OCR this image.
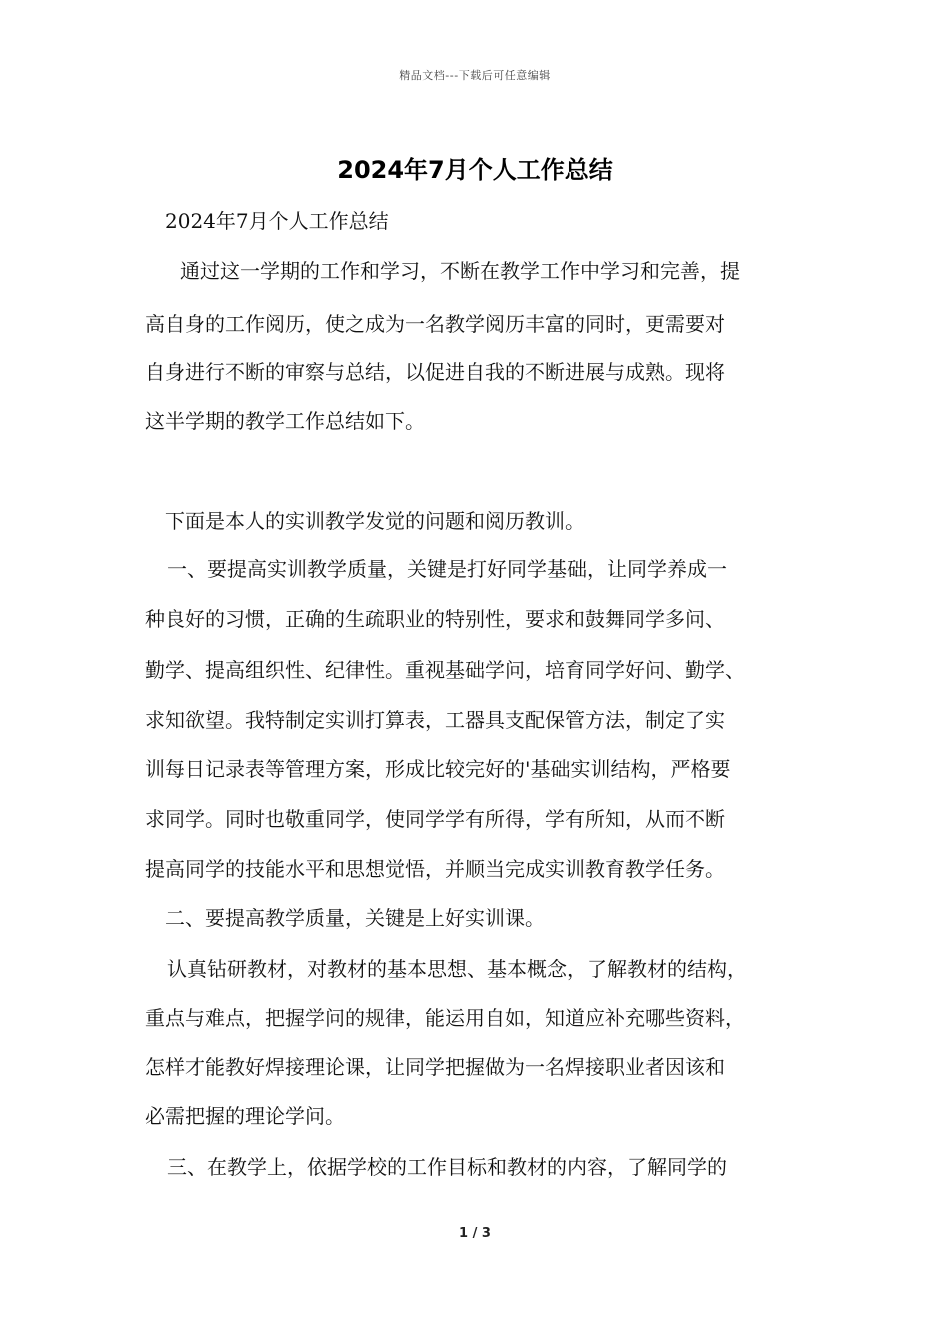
精品文档---下载后可任意编辑
2024年7月个人工作总结
2024年7月个人工作总结
通过这一学期的工作和学习，不断在教学工作中学习和完善，提
高自身的工作阅历，使之成为一名教学阅历丰富的同时，更需要对
自身进行不断的审察与总结，以促进自我的不断进展与成熟。现将
这半学期的教学工作总结如下。
下面是本人的实训教学发觉的问题和阅历教训。
一、要提高实训教学质量，关键是打好同学基础，让同学养成一
种良好的习惯，正确的生疏职业的特别性，要求和鼓舞同学多问、
勤学、提高组织性、纪律性。重视基础学问，培育同学好问、勤学、
求知欲望。我特制定实训打算表，工器具支配保管方法，制定了实
训每日记录表等管理方案，形成比较完好的'基础实训结构，严格要
求同学。同时也敬重同学，使同学学有所得，学有所知，从而不断
提高同学的技能水平和思想觉悟，并顺当完成实训教育教学任务。
二、要提高教学质量，关键是上好实训课。
认真钻研教材，对教材的基本思想、基本概念，了解教材的结构，
重点与难点，把握学问的规律，能运用自如，知道应补充哪些资料，
怎样才能教好焊接理论课，让同学把握做为一名焊接职业者因该和
必需把握的理论学问。
三、在教学上，依据学校的工作目标和教材的内容，了解同学的
1 / 3
